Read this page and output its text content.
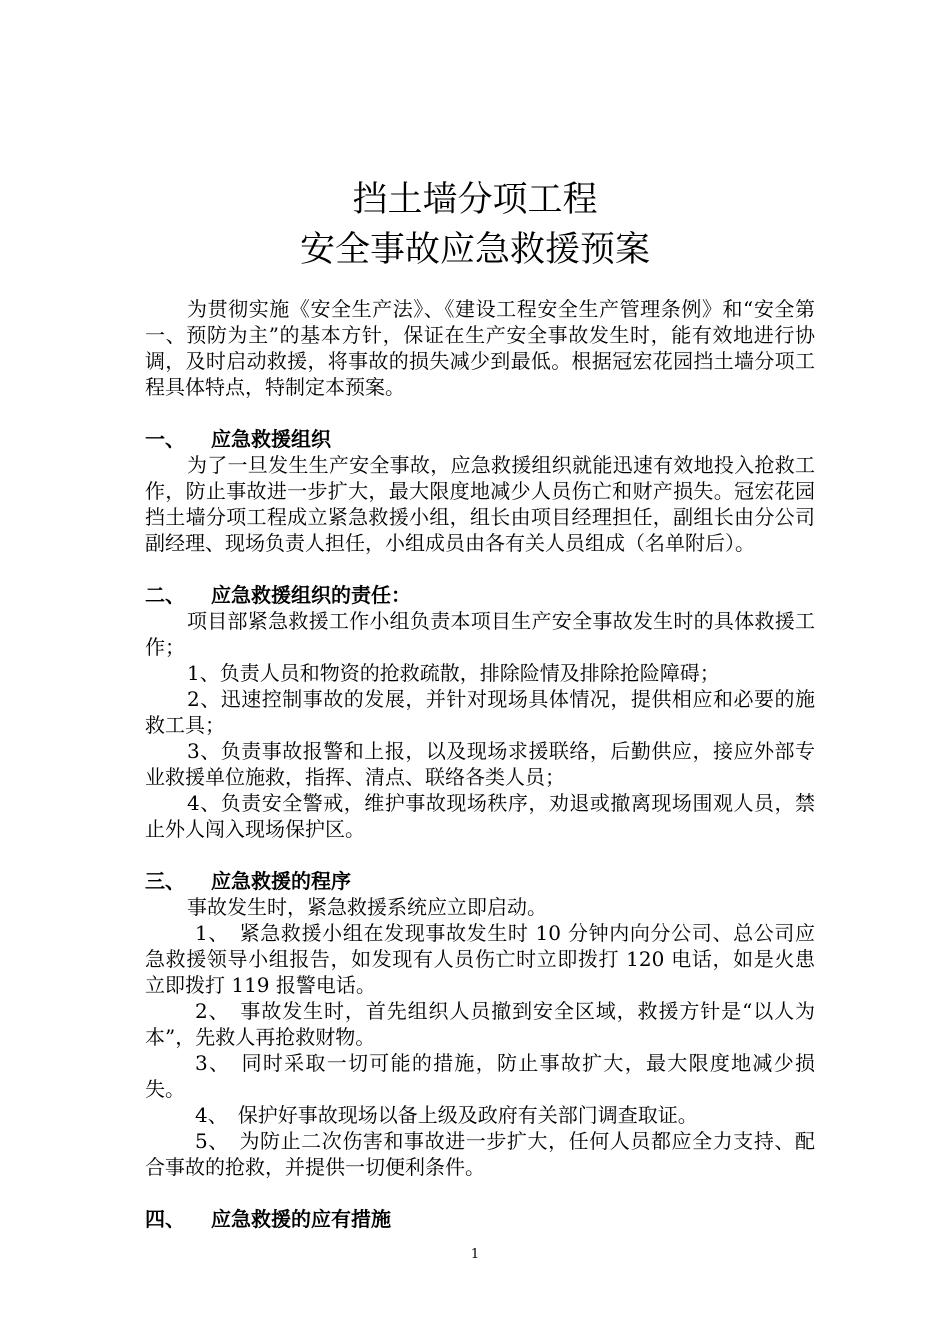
挡土墙分项工程
安全事故应急救援预案

为贯彻实施《安全生产法》、《建设工程安全生产管理条例》和“安全第一、预防为主”的基本方针，保证在生产安全事故发生时，能有效地进行协调，及时启动救援，将事故的损失减少到最低。根据冠宏花园挡土墙分项工程具体特点，特制定本预案。

一、	应急救援组织

为了一旦发生生产安全事故，应急救援组织就能迅速有效地投入抢救工作，防止事故进一步扩大，最大限度地减少人员伤亡和财产损失。冠宏花园挡土墙分项工程成立紧急救援小组，组长由项目经理担任，副组长由分公司副经理、现场负责人担任，小组成员由各有关人员组成（名单附后）。

二、	应急救援组织的责任：

项目部紧急救援工作小组负责本项目生产安全事故发生时的具体救援工作；

1、负责人员和物资的抢救疏散，排除险情及排除抢险障碍；

2、迅速控制事故的发展，并针对现场具体情况，提供相应和必要的施救工具；

3、负责事故报警和上报，以及现场求援联络，后勤供应，接应外部专业救援单位施救，指挥、清点、联络各类人员；

4、负责安全警戒，维护事故现场秩序，劝退或撤离现场围观人员，禁止外人闯入现场保护区。

三、	应急救援的程序

事故发生时，紧急救援系统应立即启动。

1、　紧急救援小组在发现事故发生时 10 分钟内向分公司、总公司应急救援领导小组报告，如发现有人员伤亡时立即拨打 120 电话，如是火患立即拨打 119 报警电话。

2、　事故发生时，首先组织人员撤到安全区域，救援方针是“以人为本”，先救人再抢救财物。

3、　同时采取一切可能的措施，防止事故扩大，最大限度地减少损失。

4、　保护好事故现场以备上级及政府有关部门调查取证。

5、　为防止二次伤害和事故进一步扩大，任何人员都应全力支持、配合事故的抢救，并提供一切便利条件。

四、	应急救援的应有措施
1
